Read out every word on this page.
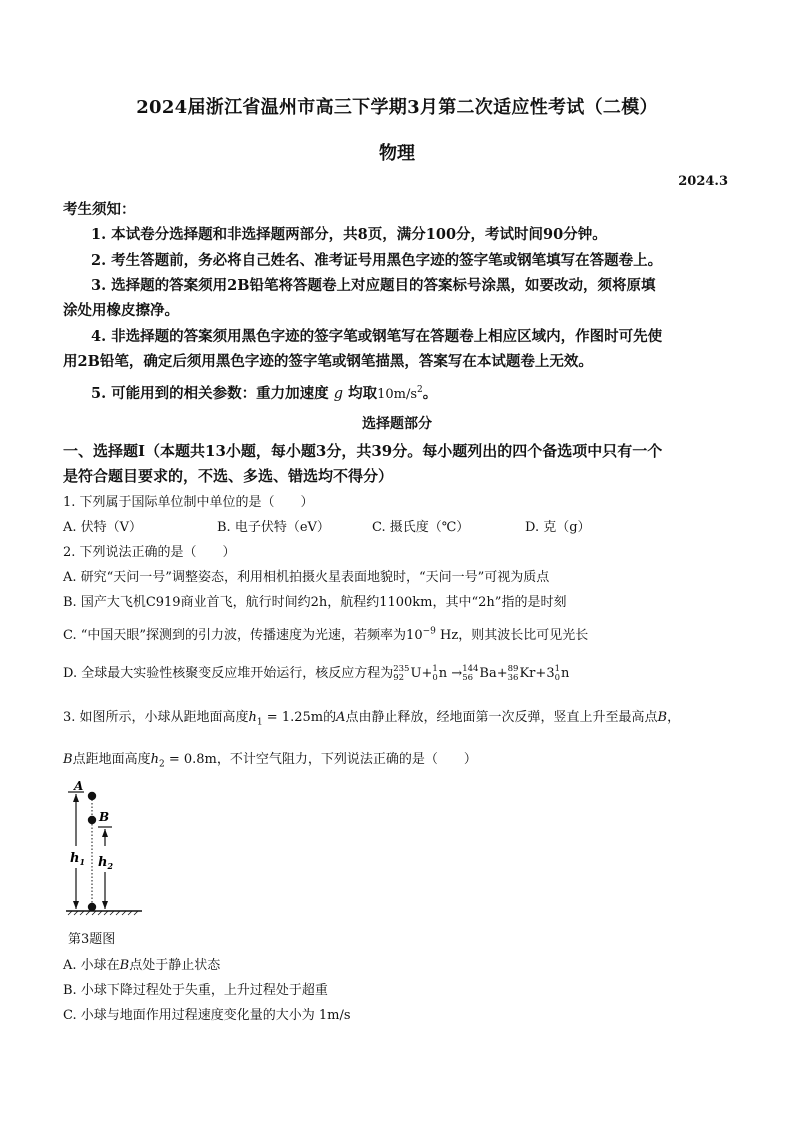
2024届浙江省温州市高三下学期3月第二次适应性考试（二模）
物理
2024.3
考生须知：
1. 本试卷分选择题和非选择题两部分，共8页，满分100分，考试时间90分钟。
2. 考生答题前，务必将自己姓名、准考证号用黑色字迹的签字笔或钢笔填写在答题卷上。
3. 选择题的答案须用2B铅笔将答题卷上对应题目的答案标号涂黑，如要改动，须将原填
涂处用橡皮擦净。
4. 非选择题的答案须用黑色字迹的签字笔或钢笔写在答题卷上相应区域内，作图时可先使
用2B铅笔，确定后须用黑色字迹的签字笔或钢笔描黑，答案写在本试题卷上无效。
5. 可能用到的相关参数：重力加速度 g 均取$10m/s^2$。
选择题部分
一、选择题Ⅰ（本题共13小题，每小题3分，共39分。每小题列出的四个备选项中只有一个
是符合题目要求的，不选、多选、错选均不得分）
1. 下列属于国际单位制中单位的是（　　）
A. 伏特（V）	B. 电子伏特（eV）	C. 摄氏度（℃）	D. 克（g）
2. 下列说法正确的是（　　）
A. 研究“天问一号”调整姿态，利用相机拍摄火星表面地貌时，“天问一号”可视为质点
B. 国产大飞机C919商业首飞，航行时间约2h，航程约1100km，其中“2h”指的是时刻
C. “中国天眼”探测到的引力波，传播速度为光速，若频率为$10^{-9}$ Hz，则其波长比可见光长
D. 全球最大实验性核聚变反应堆开始运行，核反应方程为 235
92 U+ 1
0 n → 144
56 Ba+ 89
36 Kr+3 1
0 n
3. 如图所示，小球从距地面高度$h_1 = 1.25m$的A点由静止释放，经地面第一次反弹，竖直上升至最高点B，
B点距地面高度$h_2 = 0.8m$，不计空气阻力，下列说法正确的是（　　）
A
B
$h_1$ $h_2$
第3题图
A. 小球在B点处于静止状态
B. 小球下降过程处于失重，上升过程处于超重
C. 小球与地面作用过程速度变化量的大小为 1m/s
